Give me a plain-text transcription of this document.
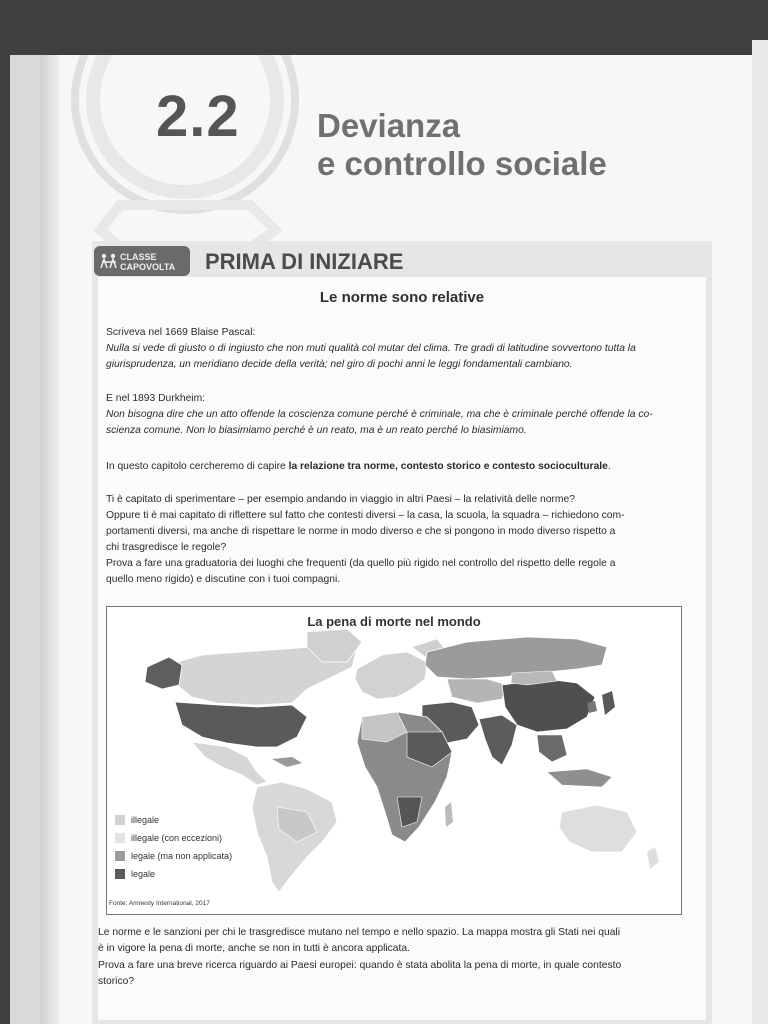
2.2 Devianza
e controllo sociale
CLASSE
CAPOVOLTA PRIMA DI INIZIARE
Le norme sono relative
Scriveva nel 1669 Blaise Pascal:
Nulla si vede di giusto o di ingiusto che non muti qualità col mutar del clima. Tre gradi di latitudine sovvertono tutta la
giurisprudenza, un meridiano decide della verità; nel giro di pochi anni le leggi fondamentali cambiano.
E nel 1893 Durkheim:
Non bisogna dire che un atto offende la coscienza comune perché è criminale, ma che è criminale perché offende la co-
scienza comune. Non lo biasimiamo perché è un reato, ma è un reato perché lo biasimiamo.
In questo capitolo cercheremo di capire la relazione tra norme, contesto storico e contesto socioculturale.
Ti è capitato di sperimentare – per esempio andando in viaggio in altri Paesi – la relatività delle norme?
Oppure ti è mai capitato di riflettere sul fatto che contesti diversi – la casa, la scuola, la squadra – richiedono com-
portamenti diversi, ma anche di rispettare le norme in modo diverso e che si pongono in modo diverso rispetto a
chi trasgredisce le regole?
Prova a fare una graduatoria dei luoghi che frequenti (da quello più rigido nel controllo del rispetto delle regole a
quello meno rigido) e discutine con i tuoi compagni.
La pena di morte nel mondo
illegale
illegale (con eccezioni)
legale (ma non applicata)
legale
Fonte: Amnesty International, 2017
Le norme e le sanzioni per chi le trasgredisce mutano nel tempo e nello spazio. La mappa mostra gli Stati nei quali
è in vigore la pena di morte, anche se non in tutti è ancora applicata.
Prova a fare una breve ricerca riguardo ai Paesi europei: quando è stata abolita la pena di morte, in quale contesto
storico?
